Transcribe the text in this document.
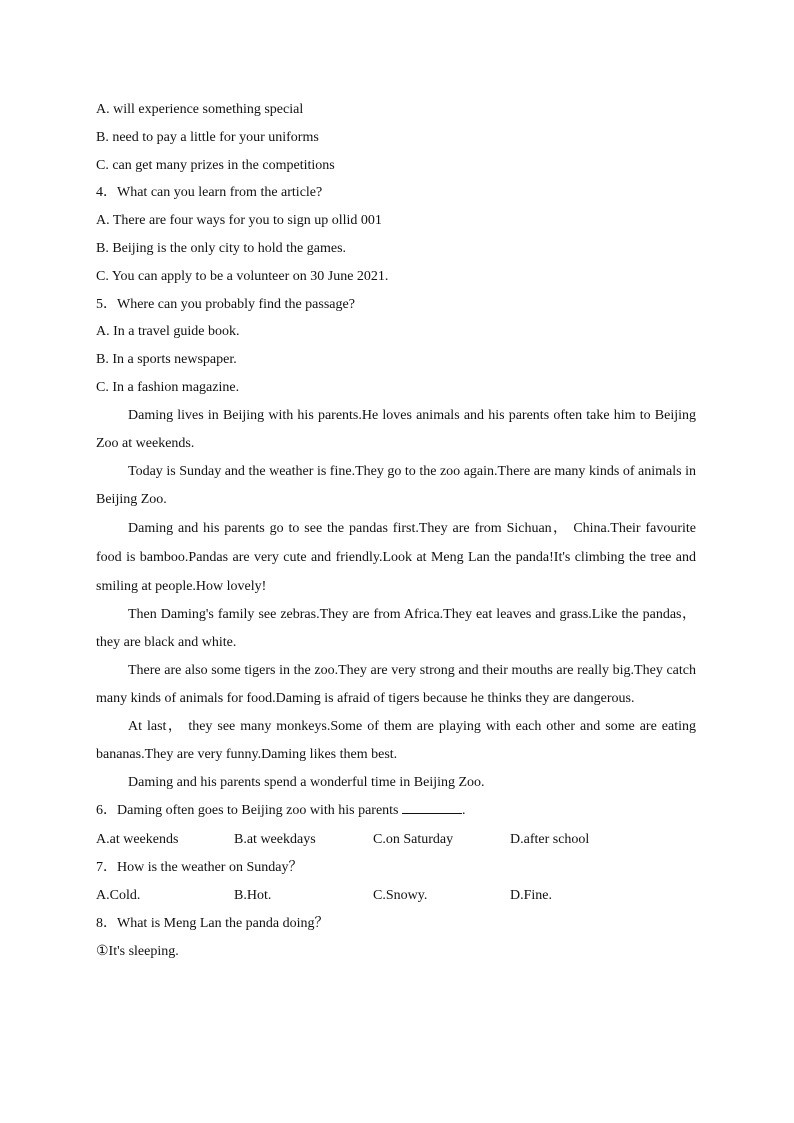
A. will experience something special
B. need to pay a little for your uniforms
C. can get many prizes in the competitions
4．What can you learn from the article?
A. There are four ways for you to sign up ollid 001
B. Beijing is the only city to hold the games.
C. You can apply to be a volunteer on 30 June 2021.
5．Where can you probably find the passage?
A. In a travel guide book.
B. In a sports newspaper.
C. In a fashion magazine.

Daming lives in Beijing with his parents.He loves animals and his parents often take him to Beijing Zoo at weekends.

Today is Sunday and the weather is fine.They go to the zoo again.There are many kinds of animals in Beijing Zoo.

Daming and his parents go to see the pandas first.They are from Sichuan， China.Their favourite food is bamboo.Pandas are very cute and friendly.Look at Meng Lan the panda!It's climbing the tree and smiling at people.How lovely!

Then Daming's family see zebras.They are from Africa.They eat leaves and grass.Like the pandas，they are black and white.

There are also some tigers in the zoo.They are very strong and their mouths are really big.They catch many kinds of animals for food.Daming is afraid of tigers because he thinks they are dangerous.

At last， they see many monkeys.Some of them are playing with each other and some are eating bananas.They are very funny.Daming likes them best.

Daming and his parents spend a wonderful time in Beijing Zoo.

6．Daming often goes to Beijing zoo with his parents	.
A.at weekends	B.at weekdays	C.on Saturday	D.after school
7．How is the weather on Sunday？
A.Cold.	B.Hot.	C.Snowy.	D.Fine.
8．What is Meng Lan the panda doing？
①It's sleeping.
